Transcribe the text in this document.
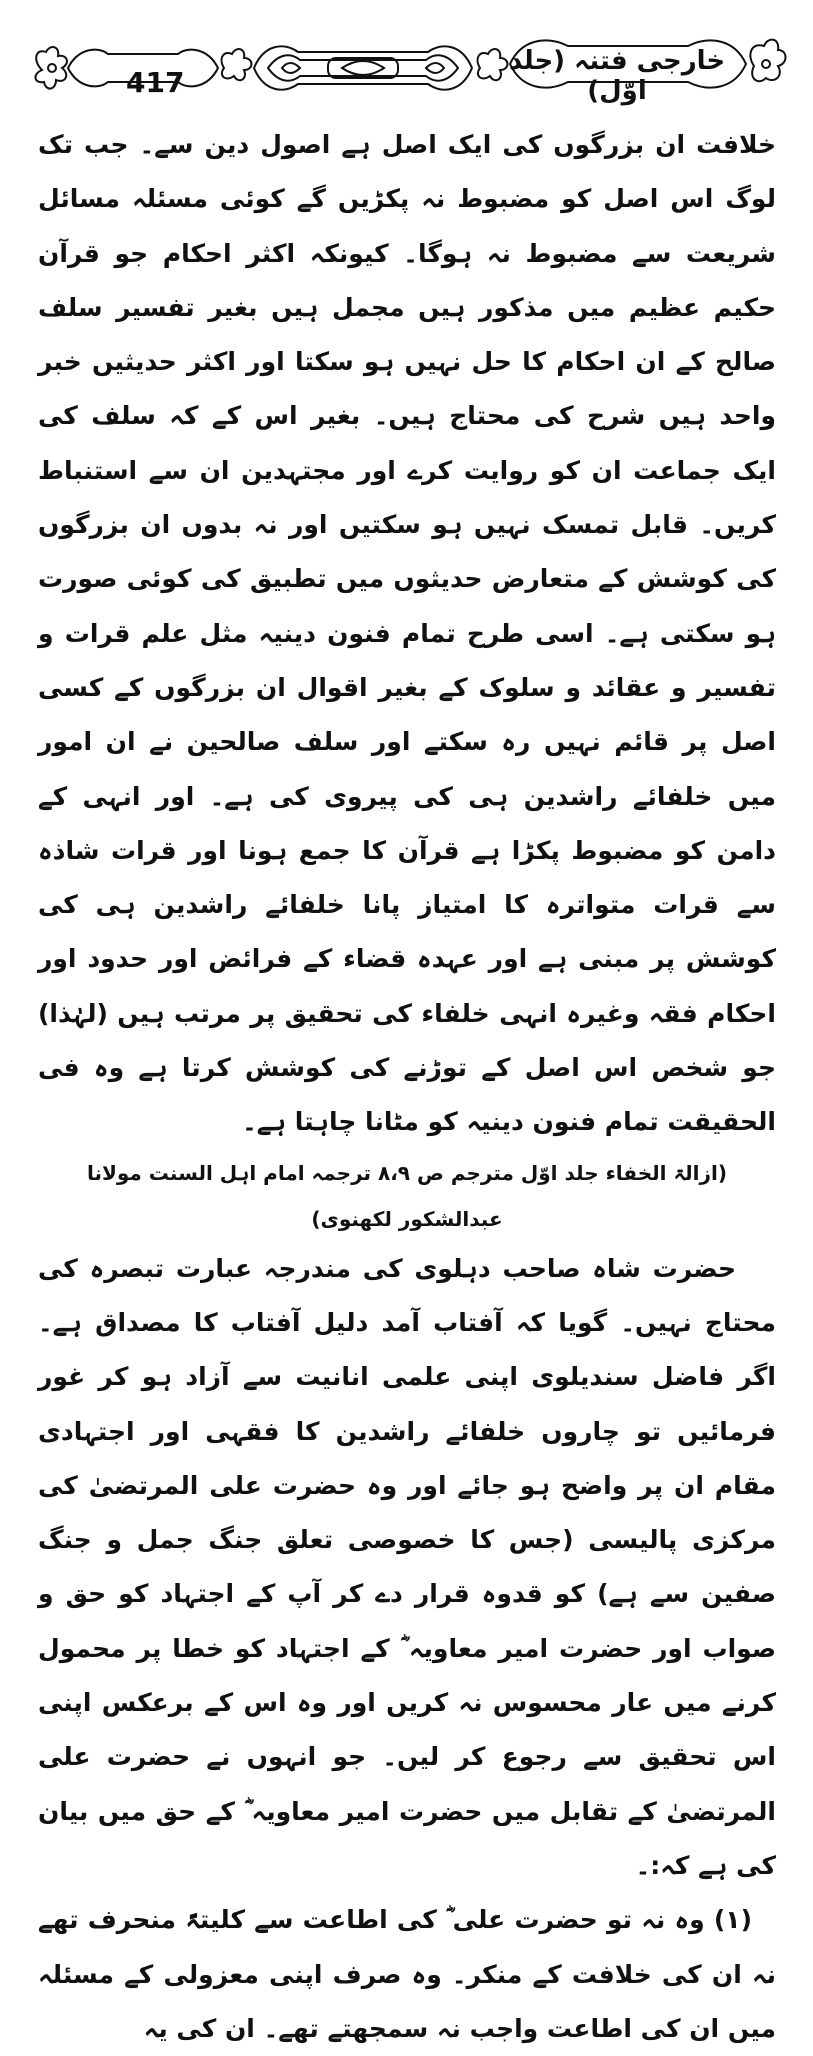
417
خارجی فتنہ (جلد اوّل)

خلافت ان بزرگوں کی ایک اصل ہے اصول دین سے۔ جب تک لوگ اس اصل کو مضبوط نہ پکڑیں گے کوئی مسئلہ مسائل شریعت سے مضبوط نہ ہوگا۔ کیونکہ اکثر احکام جو قرآن حکیم عظیم میں مذکور ہیں مجمل ہیں بغیر تفسیر سلف صالح کے ان احکام کا حل نہیں ہو سکتا اور اکثر حدیثیں خبر واحد ہیں شرح کی محتاج ہیں۔ بغیر اس کے کہ سلف کی ایک جماعت ان کو روایت کرے اور مجتہدین ان سے استنباط کریں۔ قابل تمسک نہیں ہو سکتیں اور نہ بدوں ان بزرگوں کی کوشش کے متعارض حدیثوں میں تطبیق کی کوئی صورت ہو سکتی ہے۔ اسی طرح تمام فنون دینیہ مثل علم قرات و تفسیر و عقائد و سلوک کے بغیر اقوال ان بزرگوں کے کسی اصل پر قائم نہیں رہ سکتے اور سلف صالحین نے ان امور میں خلفائے راشدین ہی کی پیروی کی ہے۔ اور انہی کے دامن کو مضبوط پکڑا ہے قرآن کا جمع ہونا اور قرات شاذہ سے قرات متواترہ کا امتیاز پانا خلفائے راشدین ہی کی کوشش پر مبنی ہے اور عہدہ قضاء کے فرائض اور حدود اور احکام فقہ وغیرہ انہی خلفاء کی تحقیق پر مرتب ہیں (لہٰذا) جو شخص اس اصل کے توڑنے کی کوشش کرتا ہے وہ فی الحقیقت تمام فنون دینیہ کو مٹانا چاہتا ہے۔

(ازالۃ الخفاء جلد اوّل مترجم ص ۸،۹ ترجمہ امام اہل السنت مولانا عبدالشکور لکھنوی)

حضرت شاہ صاحب دہلوی کی مندرجہ عبارت تبصرہ کی محتاج نہیں۔ گویا کہ آفتاب آمد دلیل آفتاب کا مصداق ہے۔ اگر فاضل سندیلوی اپنی علمی انانیت سے آزاد ہو کر غور فرمائیں تو چاروں خلفائے راشدین کا فقہی اور اجتہادی مقام ان پر واضح ہو جائے اور وہ حضرت علی المرتضیٰ کی مرکزی پالیسی (جس کا خصوصی تعلق جنگ جمل و جنگ صفین سے ہے) کو قدوہ قرار دے کر آپ کے اجتہاد کو حق و صواب اور حضرت امیر معاویہ ؓ کے اجتہاد کو خطا پر محمول کرنے میں عار محسوس نہ کریں اور وہ اس کے برعکس اپنی اس تحقیق سے رجوع کر لیں۔ جو انہوں نے حضرت علی المرتضیٰ کے تقابل میں حضرت امیر معاویہ ؓ کے حق میں بیان کی ہے کہ:۔

(۱) وہ نہ تو حضرت علی ؓ کی اطاعت سے کلیتہً منحرف تھے نہ ان کی خلافت کے منکر۔ وہ صرف اپنی معزولی کے مسئلہ میں ان کی اطاعت واجب نہ سمجھتے تھے۔ ان کی یہ
